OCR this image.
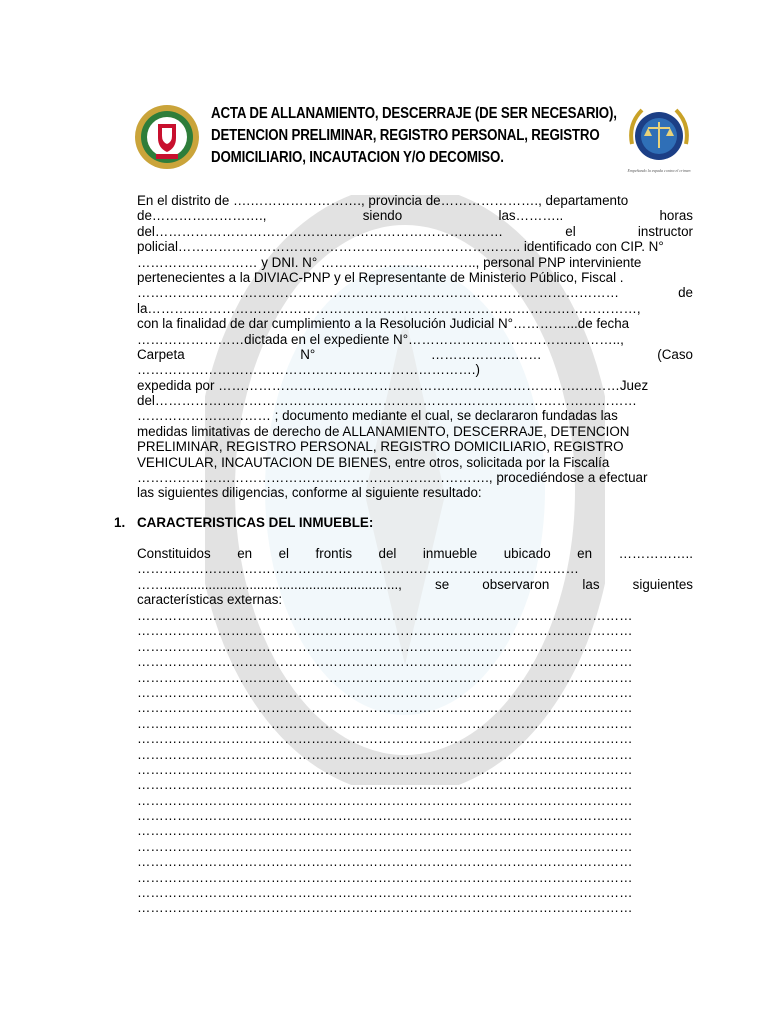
ACTA DE ALLANAMIENTO, DESCERRAJE (DE SER NECESARIO),
DETENCION PRELIMINAR, REGISTRO PERSONAL, REGISTRO
DOMICILIARIO, INCAUTACION Y/O DECOMISO.
Empeñando la espada contra el crimen
En el distrito de ….……………………., provincia de…………………., departamento
de…………………….,	siendo	las………..	horas
del……………………………………………………………………	el	instructor
policial………………………………………………………………….. identificado con CIP. N°
……………………… y DNI. N° …………………………….., personal PNP interviniente
pertenecientes a la DIVIAC-PNP y el Representante de Ministerio Público, Fiscal .
………………………………………………………………………………………………	de
la………..………………………………………………………………………………………,
con la finalidad de dar cumplimiento a la Resolución Judicial N°…………...de fecha
……………………dictada en el expediente N°……………………………….………..,
Carpeta	N°	……………….……	(Caso
………………………………………………………………….)
expedida por ………………………………………………………………………………Juez
del………………………………………………………………………………………………
………………………… ; documento mediante el cual, se declararon fundadas las
medidas limitativas de derecho de ALLANAMIENTO, DESCERRAJE, DETENCION
PRELIMINAR, REGISTRO PERSONAL, REGISTRO DOMICILIARIO, REGISTRO
VEHICULAR, INCAUTACION DE BIENES, entre otros, solicitada por la Fiscalía
……………………………………………………………………., procediéndose a efectuar
las siguientes diligencias, conforme al siguiente resultado:
1. CARACTERISTICAS DEL INMUEBLE:
Constituidos en el frontis del inmueble ubicado en ……………..
………………………………………………………………………………………
……..............................................................., se observaron las siguientes
características externas:
…………………………………………………………………………………………………
…………………………………………………………………………………………………
…………………………………………………………………………………………………
…………………………………………………………………………………………………
…………………………………………………………………………………………………
…………………………………………………………………………………………………
…………………………………………………………………………………………………
…………………………………………………………………………………………………
…………………………………………………………………………………………………
…………………………………………………………………………………………………
…………………………………………………………………………………………………
…………………………………………………………………………………………………
…………………………………………………………………………………………………
…………………………………………………………………………………………………
…………………………………………………………………………………………………
…………………………………………………………………………………………………
…………………………………………………………………………………………………
…………………………………………………………………………………………………
…………………………………………………………………………………………………
…………………………………………………………………………………………………
